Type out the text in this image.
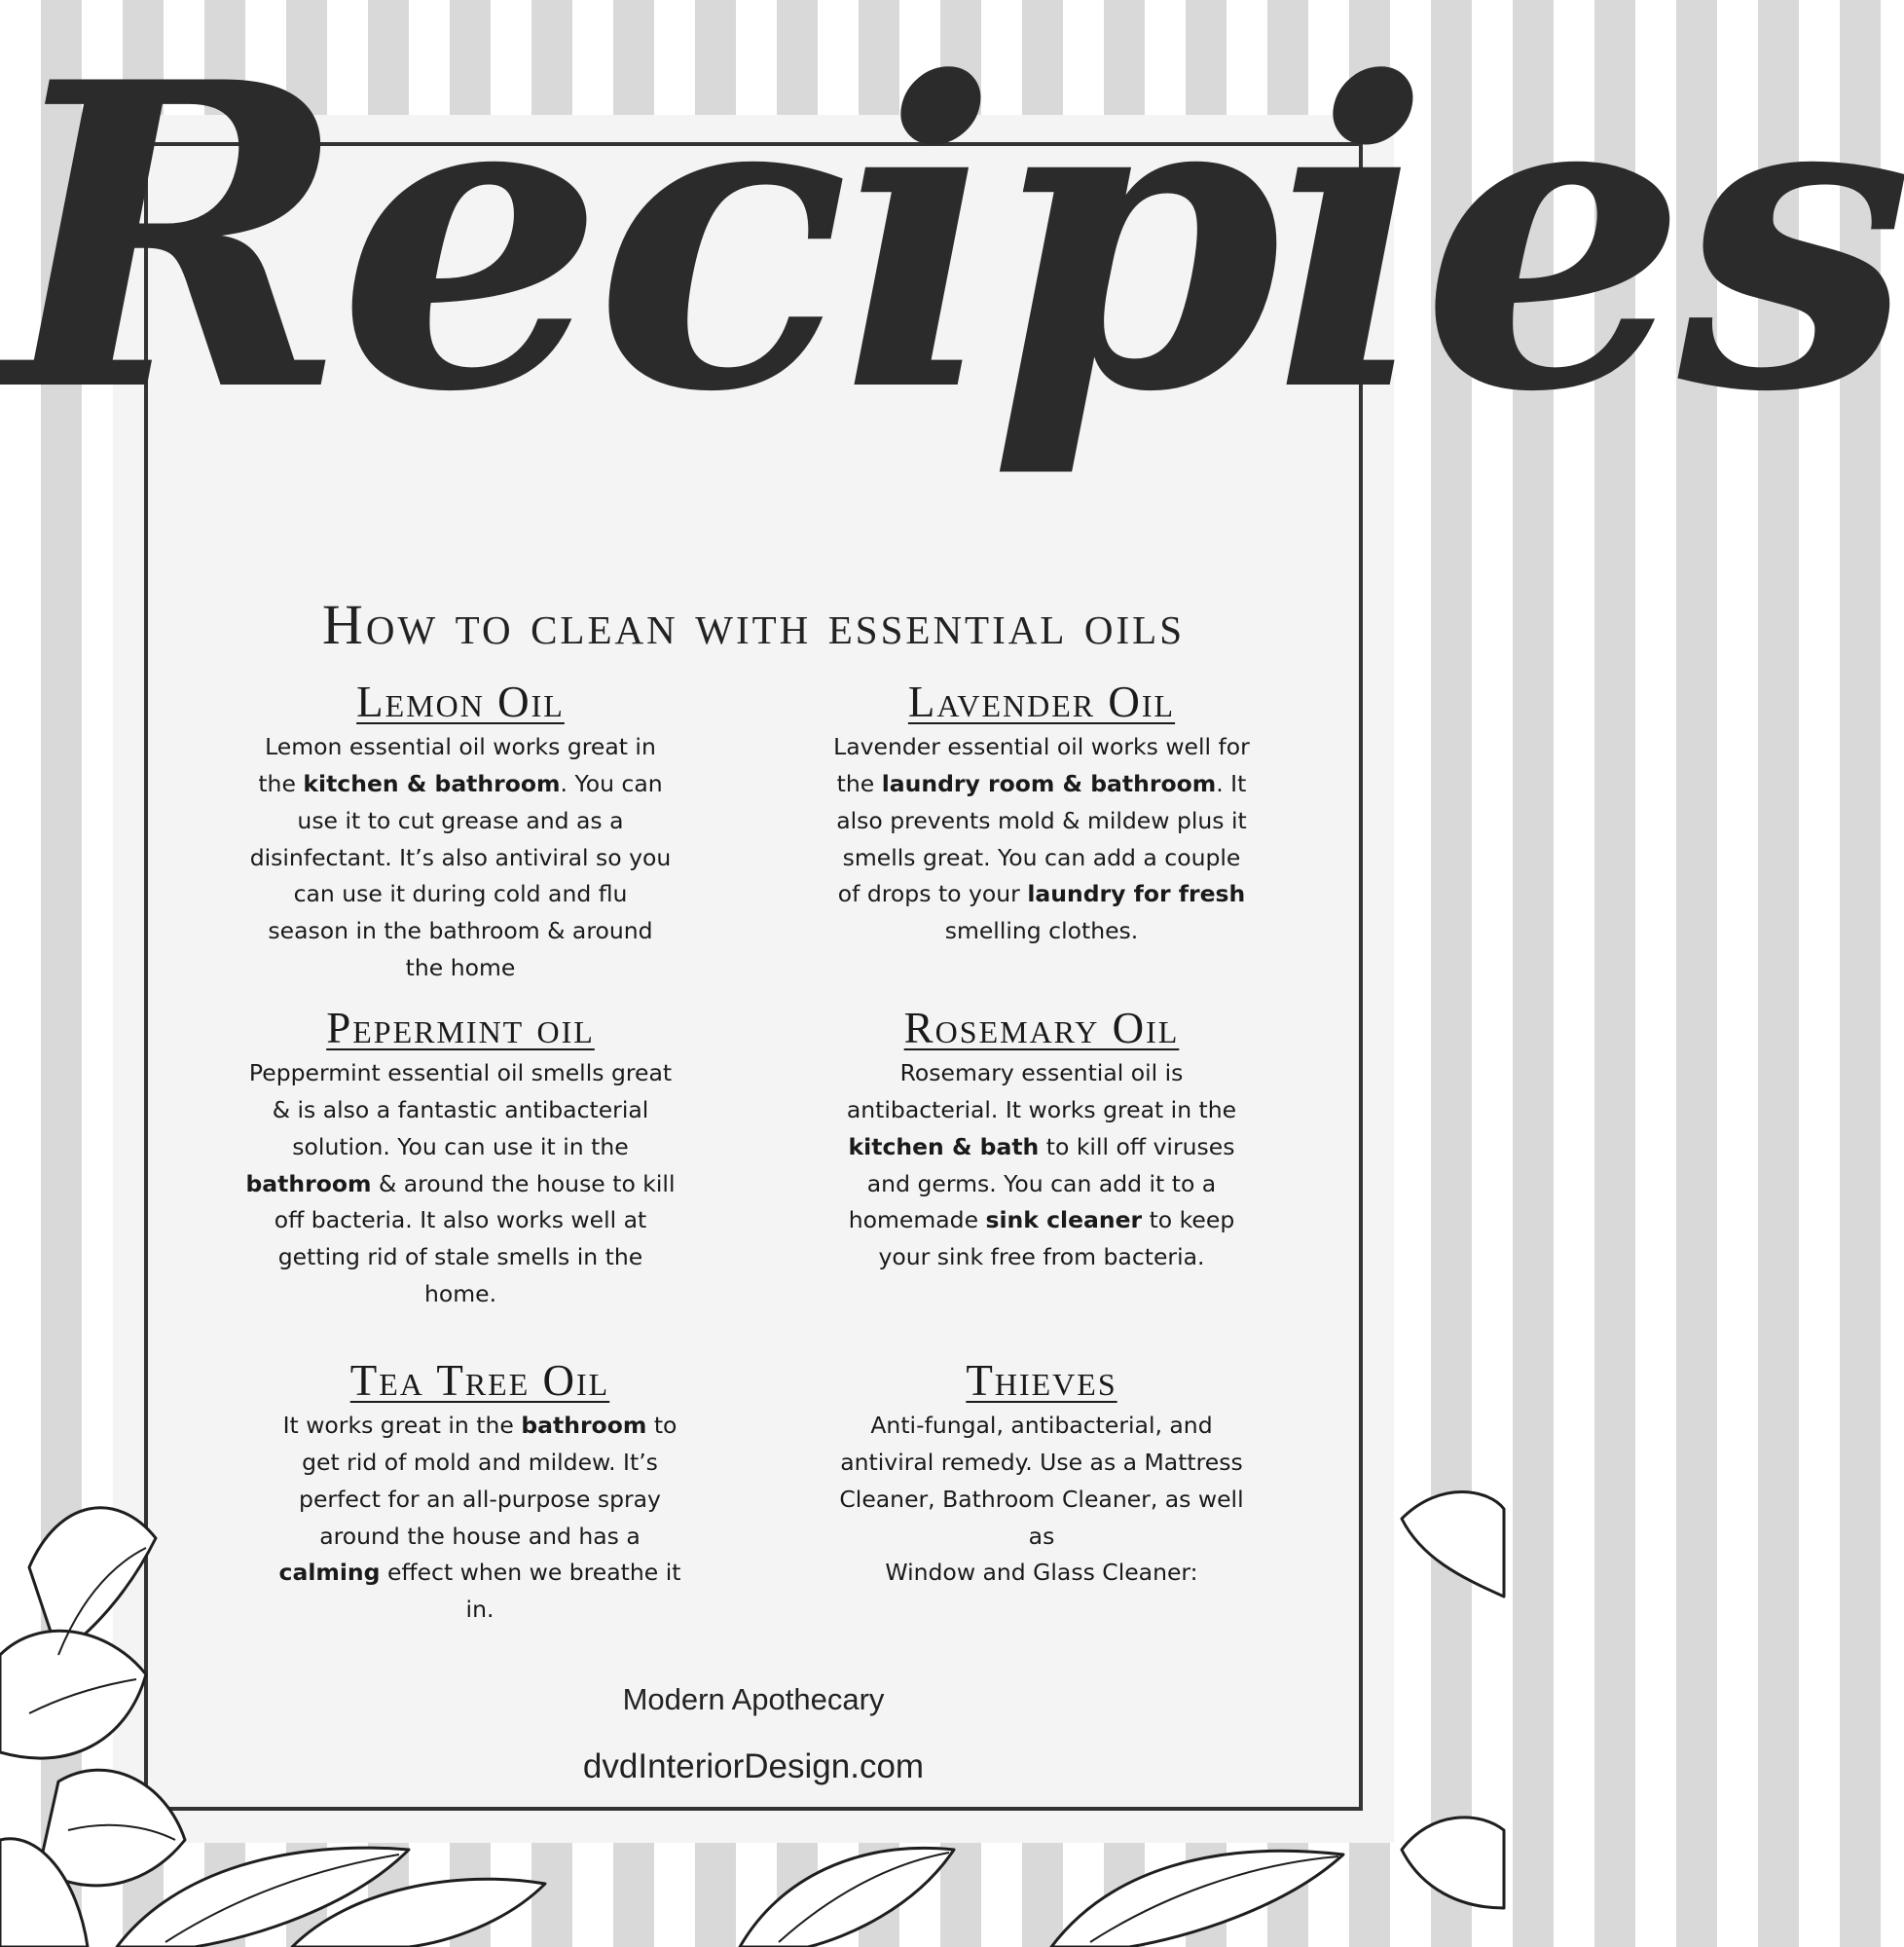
Recipies
How to clean with essential oils
Lemon Oil

Lemon essential oil works great in
the kitchen & bathroom. You can
use it to cut grease and as a
disinfectant. It’s also antiviral so you
can use it during cold and flu
season in the bathroom & around
the home

Lavender Oil

Lavender essential oil works well for
the laundry room & bathroom. It
also prevents mold & mildew plus it
smells great. You can add a couple
of drops to your laundry for fresh
smelling clothes.

Pepermint oil

Peppermint essential oil smells great
& is also a fantastic antibacterial
solution. You can use it in the
bathroom & around the house to kill
off bacteria. It also works well at
getting rid of stale smells in the
home.

Rosemary Oil

Rosemary essential oil is
antibacterial. It works great in the
kitchen & bath to kill off viruses
and germs. You can add it to a
homemade sink cleaner to keep
your sink free from bacteria.

Tea Tree Oil

It works great in the bathroom to
get rid of mold and mildew. It’s
perfect for an all-purpose spray
around the house and has a
calming effect when we breathe it
in.

Thieves

Anti-fungal, antibacterial, and
antiviral remedy. Use as a Mattress
Cleaner, Bathroom Cleaner, as well
as
Window and Glass Cleaner:

Modern Apothecary
dvdInteriorDesign.com
